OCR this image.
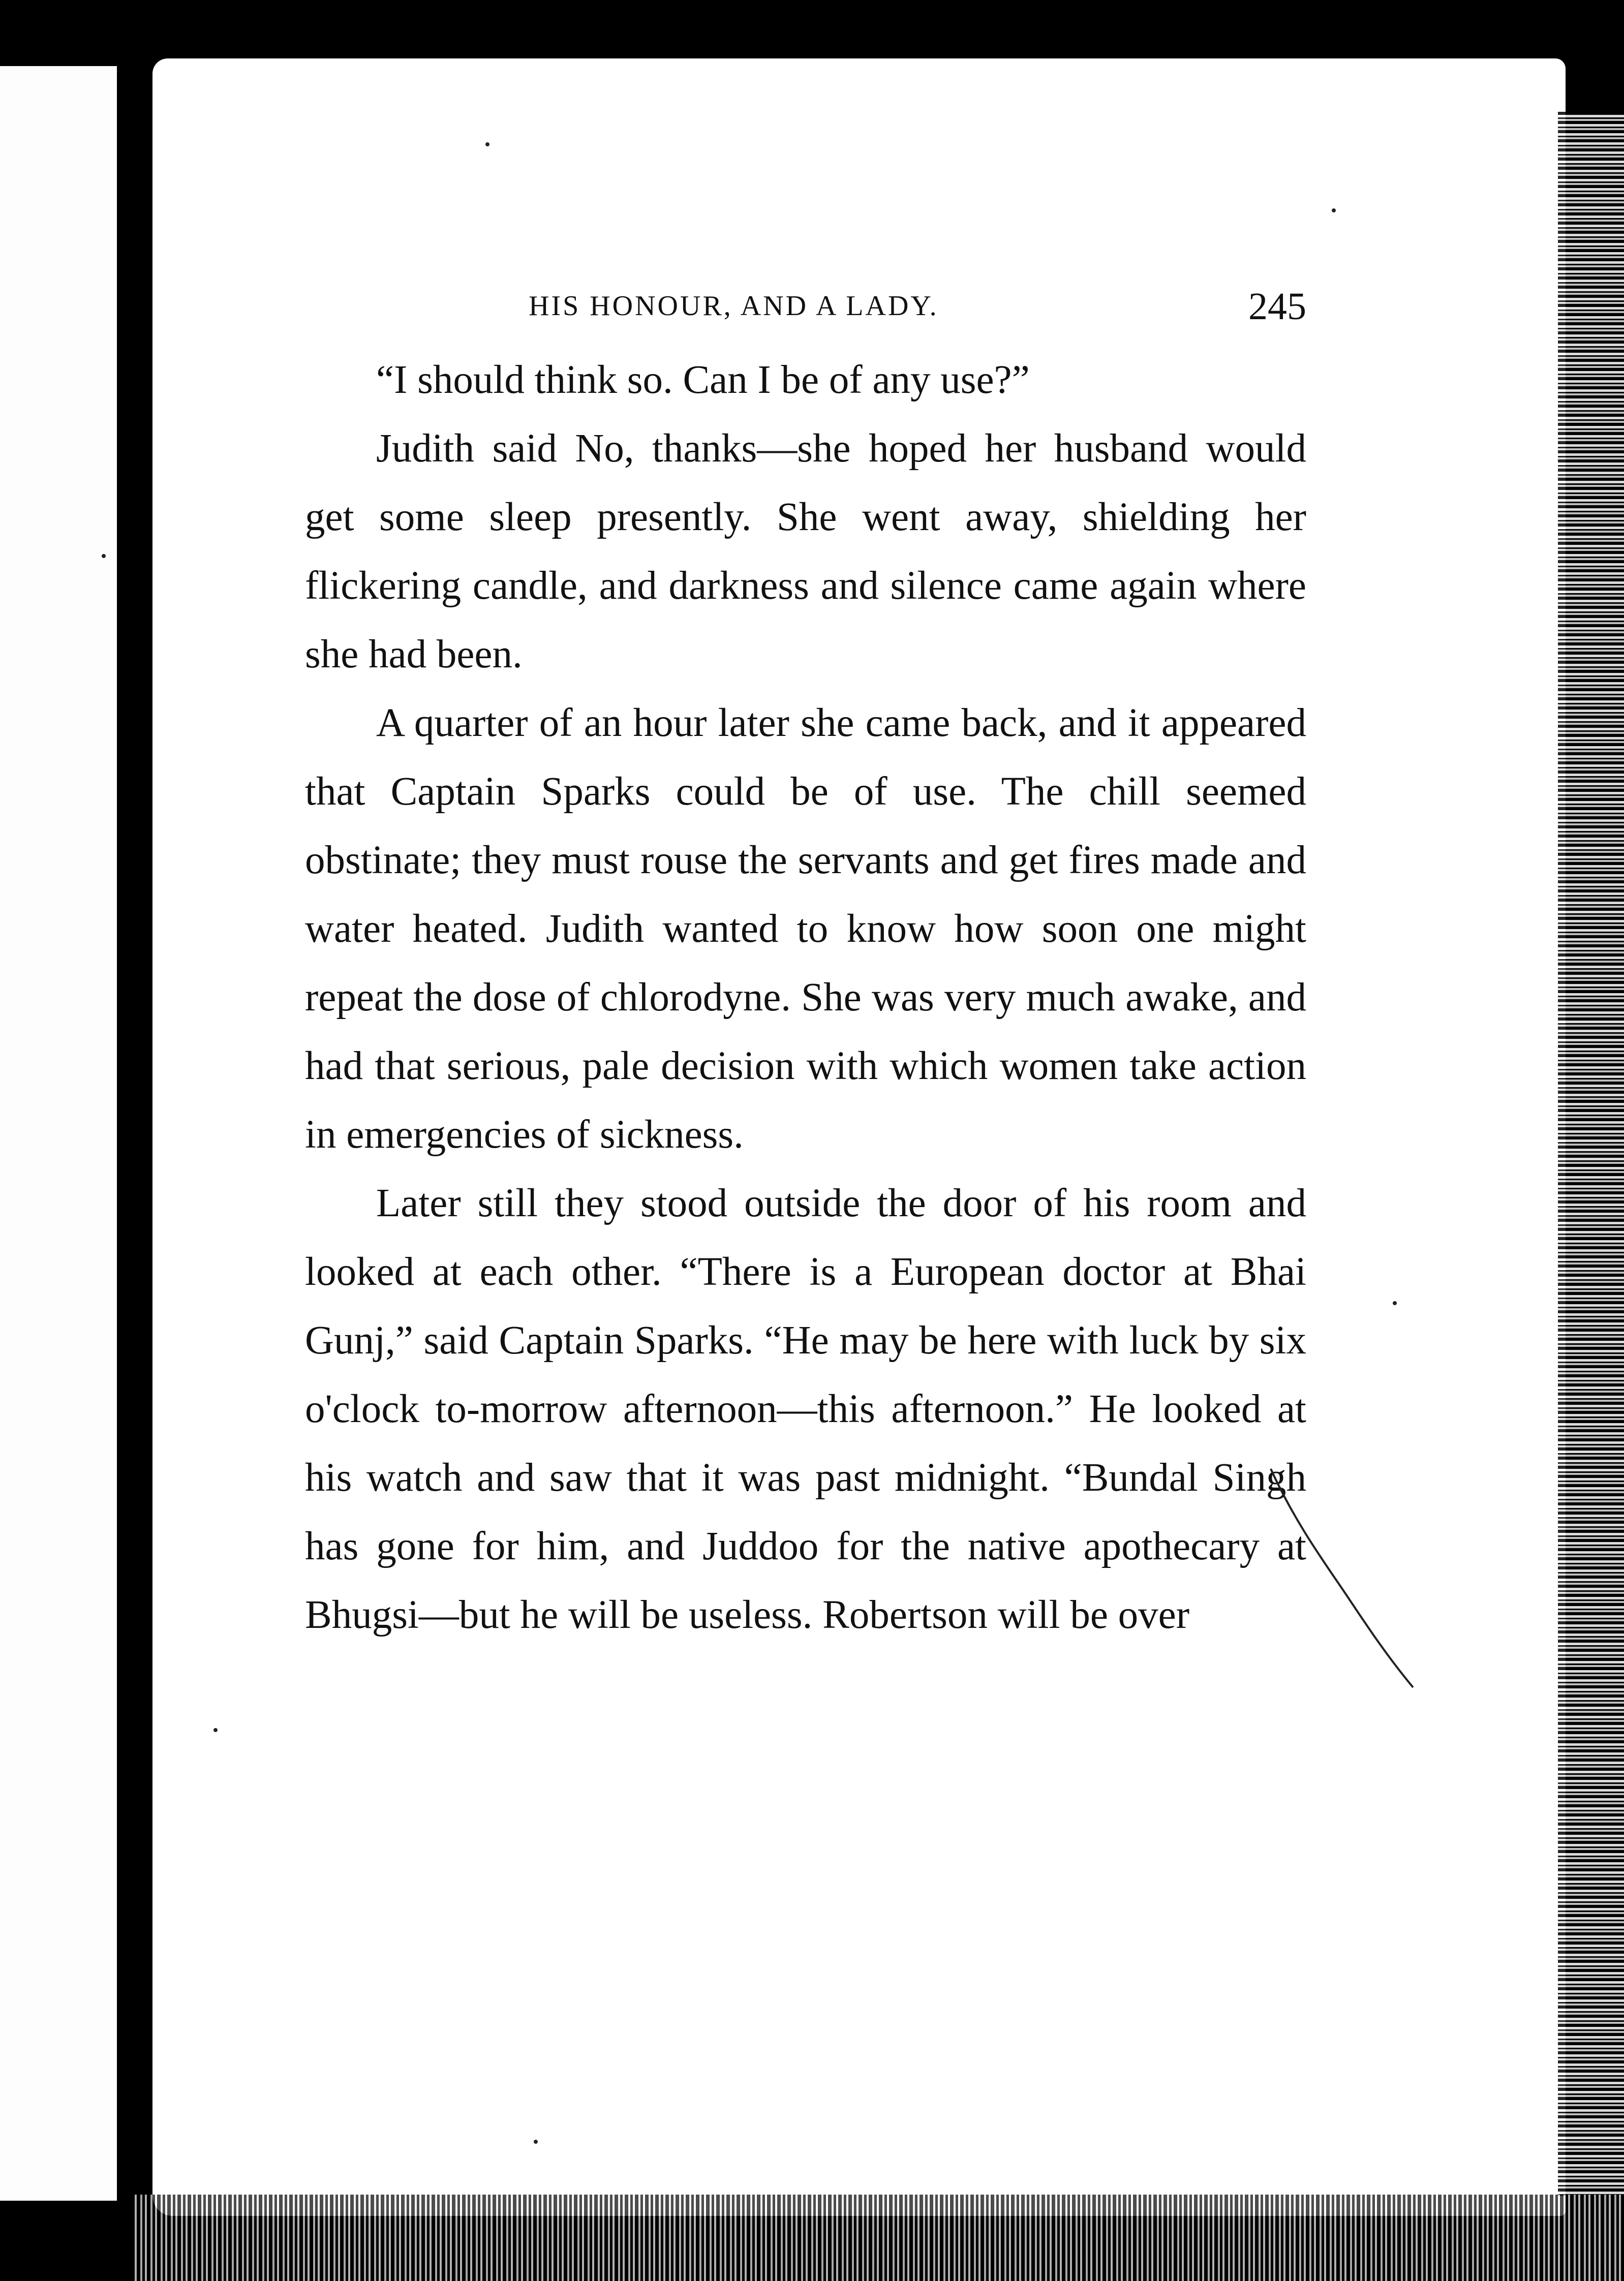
HIS HONOUR, AND A LADY.	245

“I should think so. Can I be of any use?”

Judith said No, thanks—she hoped her husband would get some sleep presently. She went away, shielding her flickering candle, and darkness and silence came again where she had been.

A quarter of an hour later she came back, and it appeared that Captain Sparks could be of use. The chill seemed obstinate; they must rouse the servants and get fires made and water heated. Judith wanted to know how soon one might repeat the dose of chlorodyne. She was very much awake, and had that serious, pale decision with which women take action in emergencies of sickness.

Later still they stood outside the door of his room and looked at each other. “There is a European doctor at Bhai Gunj,” said Captain Sparks. “He may be here with luck by six o'clock to-morrow afternoon—this afternoon.” He looked at his watch and saw that it was past midnight. “Bundal Singh has gone for him, and Juddoo for the native apothecary at Bhugsi—but he will be useless. Robertson will be over
